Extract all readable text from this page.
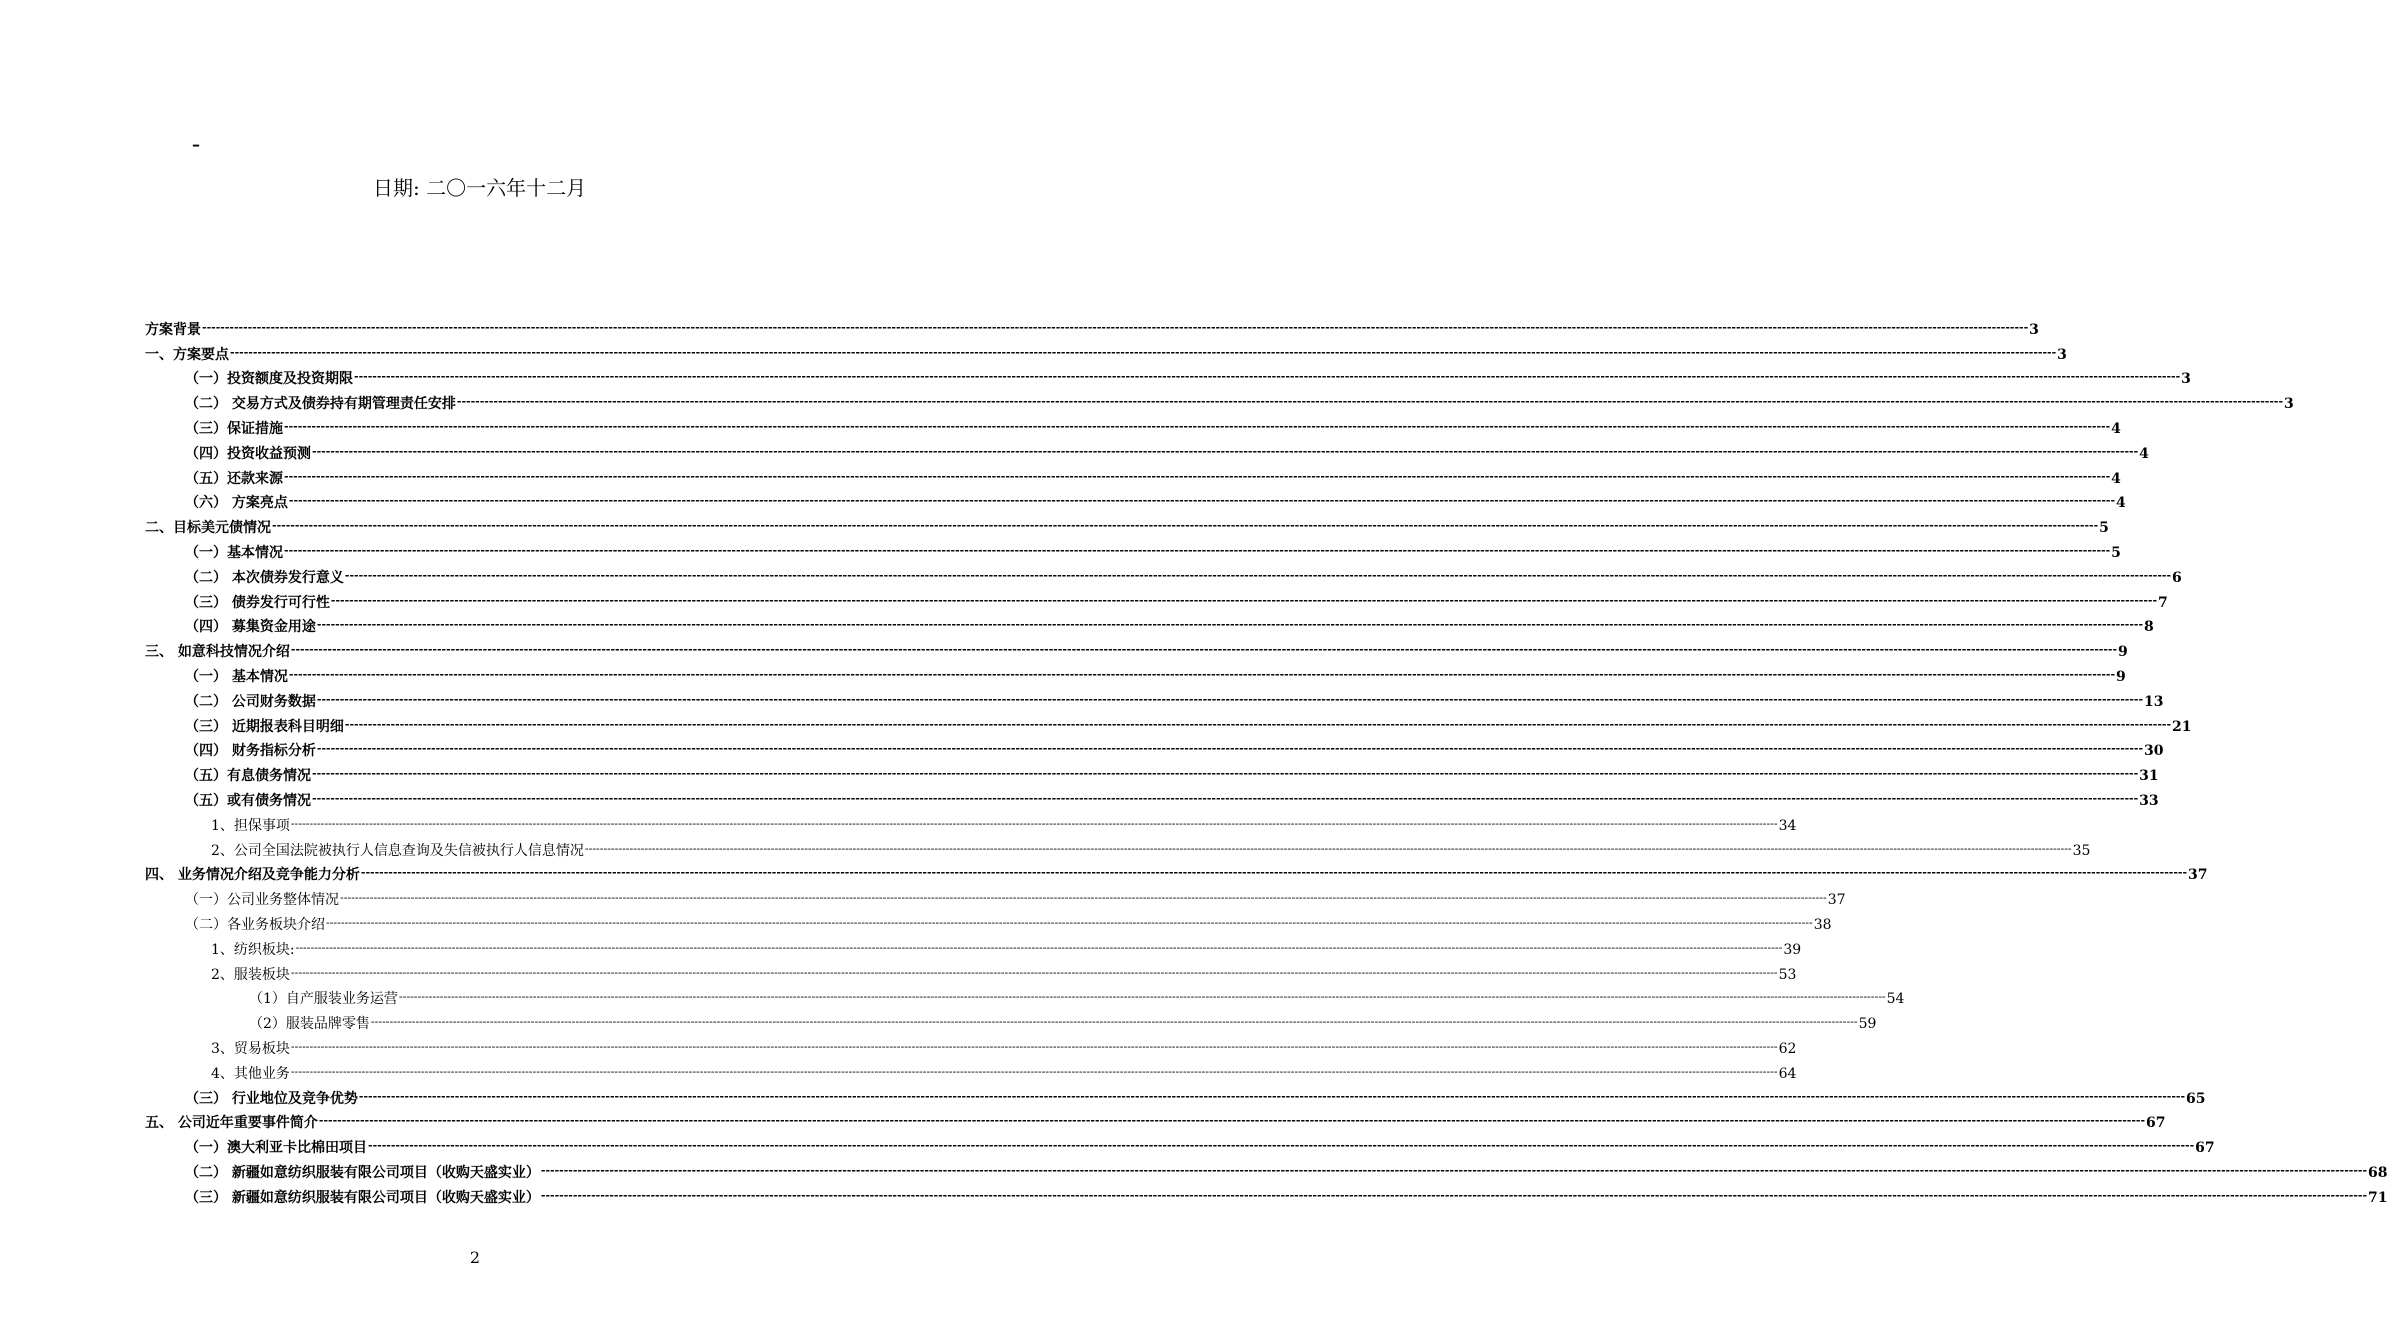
–
日期: 二〇一六年十二月
方案背景 ---------------------------------------------------------------------------------------------------------------------------------------------------------------------------------------------------------------------------------------------------------------------------------------------------------------------------------------------------------------------------------------------------------------- 3
一、方案要点 ---------------------------------------------------------------------------------------------------------------------------------------------------------------------------------------------------------------------------------------------------------------------------------------------------------------------------------------------------------------------------------------------------------------- 3
（一）投资额度及投资期限 ---------------------------------------------------------------------------------------------------------------------------------------------------------------------------------------------------------------------------------------------------------------------------------------------------------------------------------------------------------------------------------------------------------------- 3
（二） 交易方式及债券持有期管理责任安排 ---------------------------------------------------------------------------------------------------------------------------------------------------------------------------------------------------------------------------------------------------------------------------------------------------------------------------------------------------------------------------------------------------------------- 3
（三）保证措施 ---------------------------------------------------------------------------------------------------------------------------------------------------------------------------------------------------------------------------------------------------------------------------------------------------------------------------------------------------------------------------------------------------------------- 4
（四）投资收益预测 ---------------------------------------------------------------------------------------------------------------------------------------------------------------------------------------------------------------------------------------------------------------------------------------------------------------------------------------------------------------------------------------------------------------- 4
（五）还款来源 ---------------------------------------------------------------------------------------------------------------------------------------------------------------------------------------------------------------------------------------------------------------------------------------------------------------------------------------------------------------------------------------------------------------- 4
（六） 方案亮点 ---------------------------------------------------------------------------------------------------------------------------------------------------------------------------------------------------------------------------------------------------------------------------------------------------------------------------------------------------------------------------------------------------------------- 4
二、目标美元债情况 ---------------------------------------------------------------------------------------------------------------------------------------------------------------------------------------------------------------------------------------------------------------------------------------------------------------------------------------------------------------------------------------------------------------- 5
（一）基本情况 ---------------------------------------------------------------------------------------------------------------------------------------------------------------------------------------------------------------------------------------------------------------------------------------------------------------------------------------------------------------------------------------------------------------- 5
（二） 本次债券发行意义 ---------------------------------------------------------------------------------------------------------------------------------------------------------------------------------------------------------------------------------------------------------------------------------------------------------------------------------------------------------------------------------------------------------------- 6
（三） 债券发行可行性 ---------------------------------------------------------------------------------------------------------------------------------------------------------------------------------------------------------------------------------------------------------------------------------------------------------------------------------------------------------------------------------------------------------------- 7
（四） 募集资金用途 ---------------------------------------------------------------------------------------------------------------------------------------------------------------------------------------------------------------------------------------------------------------------------------------------------------------------------------------------------------------------------------------------------------------- 8
三、 如意科技情况介绍 ---------------------------------------------------------------------------------------------------------------------------------------------------------------------------------------------------------------------------------------------------------------------------------------------------------------------------------------------------------------------------------------------------------------- 9
（一） 基本情况 ---------------------------------------------------------------------------------------------------------------------------------------------------------------------------------------------------------------------------------------------------------------------------------------------------------------------------------------------------------------------------------------------------------------- 9
（二） 公司财务数据 ---------------------------------------------------------------------------------------------------------------------------------------------------------------------------------------------------------------------------------------------------------------------------------------------------------------------------------------------------------------------------------------------------------------- 13
（三） 近期报表科目明细 ---------------------------------------------------------------------------------------------------------------------------------------------------------------------------------------------------------------------------------------------------------------------------------------------------------------------------------------------------------------------------------------------------------------- 21
（四） 财务指标分析 ---------------------------------------------------------------------------------------------------------------------------------------------------------------------------------------------------------------------------------------------------------------------------------------------------------------------------------------------------------------------------------------------------------------- 30
（五）有息债务情况 ---------------------------------------------------------------------------------------------------------------------------------------------------------------------------------------------------------------------------------------------------------------------------------------------------------------------------------------------------------------------------------------------------------------- 31
（五）或有债务情况 ---------------------------------------------------------------------------------------------------------------------------------------------------------------------------------------------------------------------------------------------------------------------------------------------------------------------------------------------------------------------------------------------------------------- 33
1、担保事项 ---------------------------------------------------------------------------------------------------------------------------------------------------------------------------------------------------------------------------------------------------------------------------------------------------------------------------------------------------------------------------------------------------------------- 34
2、公司全国法院被执行人信息查询及失信被执行人信息情况 ---------------------------------------------------------------------------------------------------------------------------------------------------------------------------------------------------------------------------------------------------------------------------------------------------------------------------------------------------------------------------------------------------------------- 35
四、 业务情况介绍及竞争能力分析 ---------------------------------------------------------------------------------------------------------------------------------------------------------------------------------------------------------------------------------------------------------------------------------------------------------------------------------------------------------------------------------------------------------------- 37
（一）公司业务整体情况 ---------------------------------------------------------------------------------------------------------------------------------------------------------------------------------------------------------------------------------------------------------------------------------------------------------------------------------------------------------------------------------------------------------------- 37
（二）各业务板块介绍 ---------------------------------------------------------------------------------------------------------------------------------------------------------------------------------------------------------------------------------------------------------------------------------------------------------------------------------------------------------------------------------------------------------------- 38
1、纺织板块: ---------------------------------------------------------------------------------------------------------------------------------------------------------------------------------------------------------------------------------------------------------------------------------------------------------------------------------------------------------------------------------------------------------------- 39
2、服装板块 ---------------------------------------------------------------------------------------------------------------------------------------------------------------------------------------------------------------------------------------------------------------------------------------------------------------------------------------------------------------------------------------------------------------- 53
（1）自产服装业务运营 ---------------------------------------------------------------------------------------------------------------------------------------------------------------------------------------------------------------------------------------------------------------------------------------------------------------------------------------------------------------------------------------------------------------- 54
（2）服装品牌零售 ---------------------------------------------------------------------------------------------------------------------------------------------------------------------------------------------------------------------------------------------------------------------------------------------------------------------------------------------------------------------------------------------------------------- 59
3、贸易板块 ---------------------------------------------------------------------------------------------------------------------------------------------------------------------------------------------------------------------------------------------------------------------------------------------------------------------------------------------------------------------------------------------------------------- 62
4、其他业务 ---------------------------------------------------------------------------------------------------------------------------------------------------------------------------------------------------------------------------------------------------------------------------------------------------------------------------------------------------------------------------------------------------------------- 64
（三） 行业地位及竞争优势 ---------------------------------------------------------------------------------------------------------------------------------------------------------------------------------------------------------------------------------------------------------------------------------------------------------------------------------------------------------------------------------------------------------------- 65
五、 公司近年重要事件简介 ---------------------------------------------------------------------------------------------------------------------------------------------------------------------------------------------------------------------------------------------------------------------------------------------------------------------------------------------------------------------------------------------------------------- 67
（一）澳大利亚卡比棉田项目 ---------------------------------------------------------------------------------------------------------------------------------------------------------------------------------------------------------------------------------------------------------------------------------------------------------------------------------------------------------------------------------------------------------------- 67
（二） 新疆如意纺织服装有限公司项目（收购天盛实业） ---------------------------------------------------------------------------------------------------------------------------------------------------------------------------------------------------------------------------------------------------------------------------------------------------------------------------------------------------------------------------------------------------------------- 68
（三） 新疆如意纺织服装有限公司项目（收购天盛实业） ---------------------------------------------------------------------------------------------------------------------------------------------------------------------------------------------------------------------------------------------------------------------------------------------------------------------------------------------------------------------------------------------------------------- 71
2
